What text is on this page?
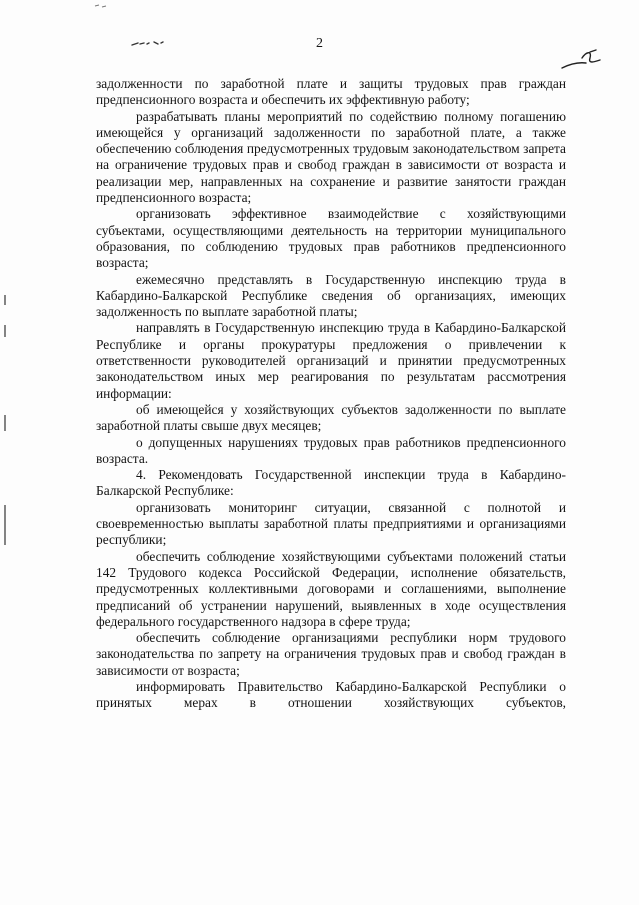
2

задолженности по заработной плате и защиты трудовых прав граждан предпенсионного возраста и обеспечить их эффективную работу;

разрабатывать планы мероприятий по содействию полному погашению имеющейся у организаций задолженности по заработной плате, а также обеспечению соблюдения предусмотренных трудовым законодательством запрета на ограничение трудовых прав и свобод граждан в зависимости от возраста и реализации мер, направленных на сохранение и развитие занятости граждан предпенсионного возраста;

организовать эффективное взаимодействие с хозяйствующими субъектами, осуществляющими деятельность на территории муниципального образования, по соблюдению трудовых прав работников предпенсионного возраста;

ежемесячно представлять в Государственную инспекцию труда в Кабардино-Балкарской Республике сведения об организациях, имеющих задолженность по выплате заработной платы;

направлять в Государственную инспекцию труда в Кабардино-Балкарской Республике и органы прокуратуры предложения о привлечении к ответственности руководителей организаций и принятии предусмотренных законодательством иных мер реагирования по результатам рассмотрения информации:

об имеющейся у хозяйствующих субъектов задолженности по выплате заработной платы свыше двух месяцев;

о допущенных нарушениях трудовых прав работников предпенсионного возраста.

4. Рекомендовать Государственной инспекции труда в Кабардино-Балкарской Республике:

организовать мониторинг ситуации, связанной с полнотой и своевременностью выплаты заработной платы предприятиями и организациями республики;

обеспечить соблюдение хозяйствующими субъектами положений статьи 142 Трудового кодекса Российской Федерации, исполнение обязательств, предусмотренных коллективными договорами и соглашениями, выполнение предписаний об устранении нарушений, выявленных в ходе осуществления федерального государственного надзора в сфере труда;

обеспечить соблюдение организациями республики норм трудового законодательства по запрету на ограничения трудовых прав и свобод граждан в зависимости от возраста;

информировать Правительство Кабардино-Балкарской Республики о принятых мерах в отношении хозяйствующих субъектов,
